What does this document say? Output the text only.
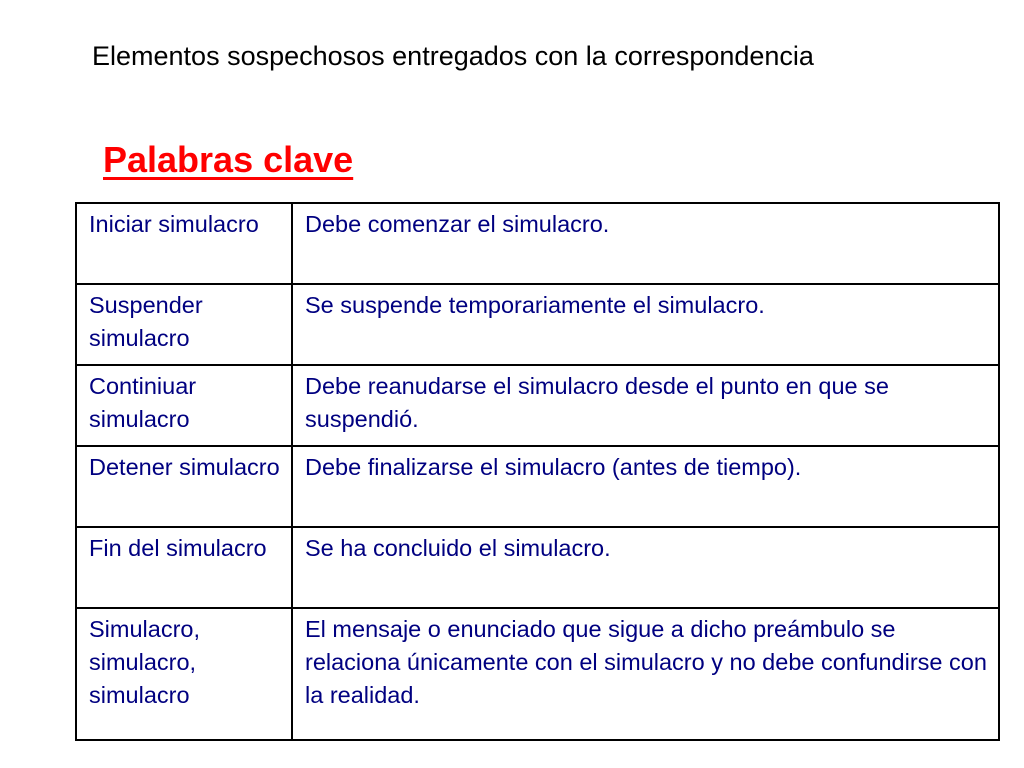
Elementos sospechosos entregados con la correspondencia
Palabras clave
Iniciar simulacro	Debe comenzar el simulacro.
Suspender simulacro	Se suspende temporariamente el simulacro.
Continiuar simulacro	Debe reanudarse el simulacro desde el punto en que se suspendió.
Detener simulacro	Debe finalizarse el simulacro (antes de tiempo).
Fin del simulacro	Se ha concluido el simulacro.
Simulacro, simulacro, simulacro	El mensaje o enunciado que sigue a dicho preámbulo se relaciona únicamente con el simulacro y no debe confundirse con la realidad.
